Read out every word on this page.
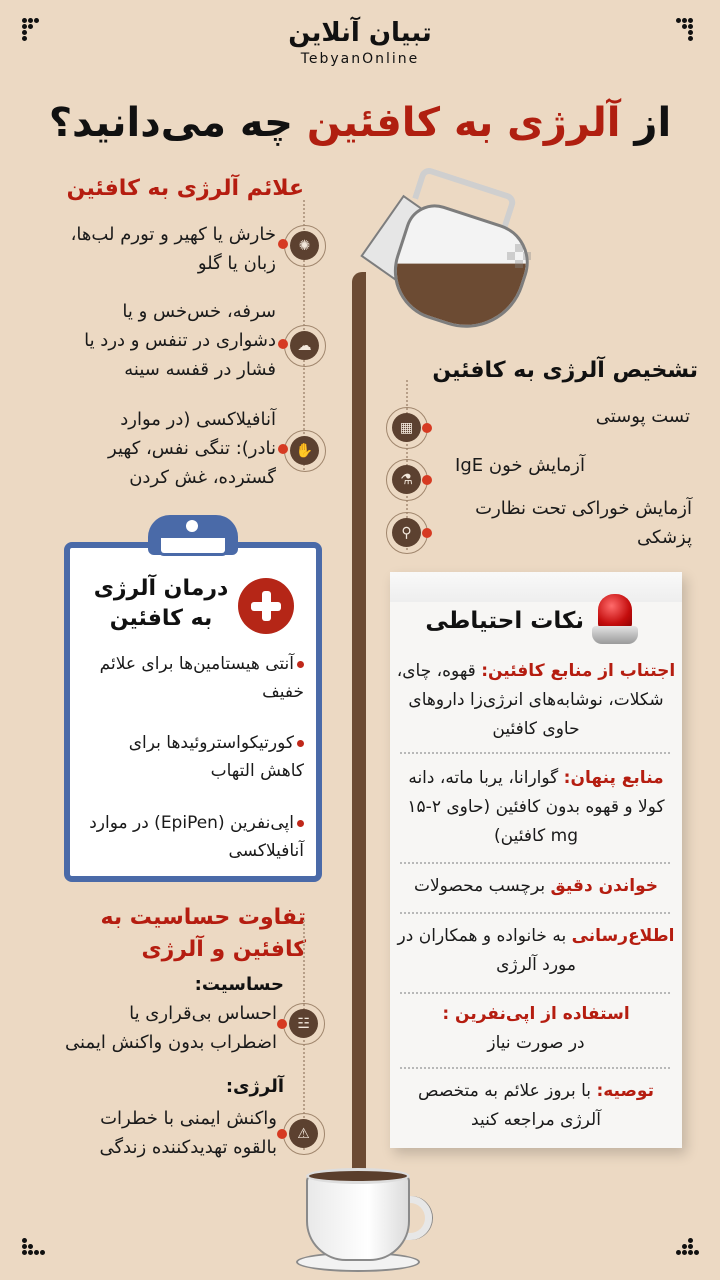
تبیان آنلاین
TebyanOnline
از آلرژی به کافئین چه می‌دانید؟
علائم آلرژی به کافئین
✺
خارش یا کهیر و تورم لب‌ها، زبان یا گلو
☁
سرفه، خس‌خس و یا دشواری در تنفس و درد یا فشار در قفسه سینه
✋
آنافیلاکسی (در موارد نادر): تنگی نفس، کهیر گسترده، غش کردن
تشخیص آلرژی به کافئین
▦
تست پوستی
⚗
آزمایش خون IgE
⚲
آزمایش خوراکی تحت نظارت پزشکی
درمان آلرژی
به کافئین
آنتی هیستامین‌ها برای علائم خفیف
کورتیکواستروئیدها برای کاهش التهاب
اپی‌نفرین (EpiPen) در موارد آنافیلاکسی
نکات احتیاطی
اجتناب از منابع کافئین: قهوه، چای، شکلات، نوشابه‌های انرژی‌زا داروهای حاوی کافئین
منابع پنهان: گوارانا، یربا ماته، دانه کولا و قهوه بدون کافئین (حاوی ۲-۱۵ mg کافئین)
خواندن دقیق برچسب محصولات
اطلاع‌رسانی به خانواده و همکاران در مورد آلرژی
استفاده از اپی‌نفرین :
در صورت نیاز
توصیه: با بروز علائم به متخصص آلرژی مراجعه کنید
تفاوت حساسیت به
کافئین و آلرژی
حساسیت:
☳
احساس بی‌قراری یا اضطراب بدون واکنش ایمنی
آلرژی:
⚠
واکنش ایمنی با خطرات بالقوه تهدیدکننده زندگی
